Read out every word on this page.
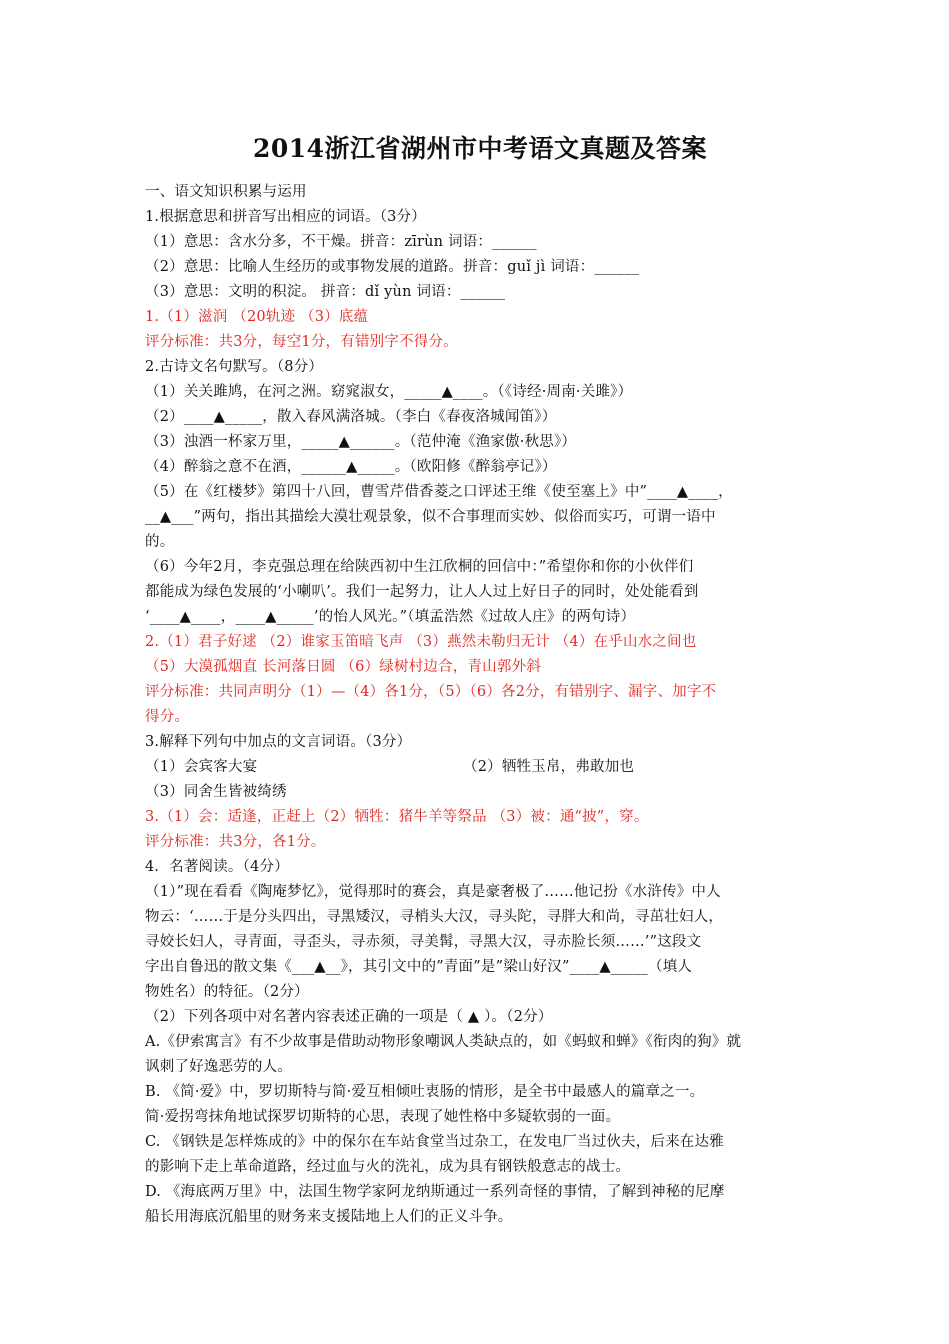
2014浙江省湖州市中考语文真题及答案
一、语文知识积累与运用
1.根据意思和拼音写出相应的词语。（3分）
（1）意思：含水分多，不干燥。拼音：zīrùn 词语：______
（2）意思：比喻人生经历的或事物发展的道路。拼音：guǐ jì 词语：______
（3）意思：文明的积淀。 拼音：dǐ yùn 词语：______
1.（1）滋润 （20轨迹 （3）底蕴
评分标准：共3分，每空1分，有错别字不得分。
2.古诗文名句默写。（8分）
（1）关关雎鸠，在河之洲。窈窕淑女，_____▲____。（《诗经·周南·关雎》）
（2）____▲_____，散入春风满洛城。（李白《春夜洛城闻笛》）
（3）浊酒一杯家万里，_____▲______。（范仲淹《渔家傲·秋思》）
（4）醉翁之意不在酒，______▲_____。（欧阳修《醉翁亭记》）
（5）在《红楼梦》第四十八回，曹雪芹借香菱之口评述王维《使至塞上》中”____▲____，
__▲___”两句，指出其描绘大漠壮观景象，似不合事理而实妙、似俗而实巧，可谓一语中
的。
（6）今年2月，李克强总理在给陕西初中生江欣桐的回信中：”希望你和你的小伙伴们
都能成为绿色发展的‘小喇叭’。我们一起努力，让人人过上好日子的同时，处处能看到
‘____▲____，____▲_____’的怡人风光。”（填孟浩然《过故人庄》的两句诗）
2.（1）君子好逑 （2）谁家玉笛暗飞声 （3）燕然未勒归无计 （4）在乎山水之间也
（5）大漠孤烟直 长河落日圆 （6）绿树村边合，青山郭外斜
评分标准：共同声明分（1）—（4）各1分，（5）（6）各2分，有错别字、漏字、加字不
得分。
3.解释下列句中加点的文言词语。（3分）
（1）会宾客大宴	（2）牺牲玉帛，弗敢加也
（3）同舍生皆被绮绣
3.（1）会：适逢，正赶上（2）牺牲：猪牛羊等祭品 （3）被：通“披”，穿。
评分标准：共3分，各1分。
4．名著阅读。（4分）
（1）”现在看看《陶庵梦忆》，觉得那时的赛会，真是豪奢极了……他记扮《水浒传》中人
物云：‘……于是分头四出，寻黑矮汉，寻梢头大汉，寻头陀，寻胖大和尚，寻茁壮妇人，
寻姣长妇人，寻青面，寻歪头，寻赤须，寻美髯，寻黑大汉，寻赤脸长须……’”这段文
字出自鲁迅的散文集《___▲__》，其引文中的”青面”是”梁山好汉”____▲_____（填人
物姓名）的特征。（2分）
（2）下列各项中对名著内容表述正确的一项是（ ▲ ）。（2分）
A.《伊索寓言》有不少故事是借助动物形象嘲讽人类缺点的，如《蚂蚁和蝉》《衔肉的狗》就
讽刺了好逸恶劳的人。
B. 《简·爱》中，罗切斯特与简·爱互相倾吐衷肠的情形，是全书中最感人的篇章之一。
简·爱拐弯抹角地试探罗切斯特的心思，表现了她性格中多疑软弱的一面。
C. 《钢铁是怎样炼成的》中的保尔在车站食堂当过杂工，在发电厂当过伙夫，后来在达雅
的影响下走上革命道路，经过血与火的洗礼，成为具有钢铁般意志的战士。
D. 《海底两万里》中，法国生物学家阿龙纳斯通过一系列奇怪的事情，了解到神秘的尼摩
船长用海底沉船里的财务来支援陆地上人们的正义斗争。
